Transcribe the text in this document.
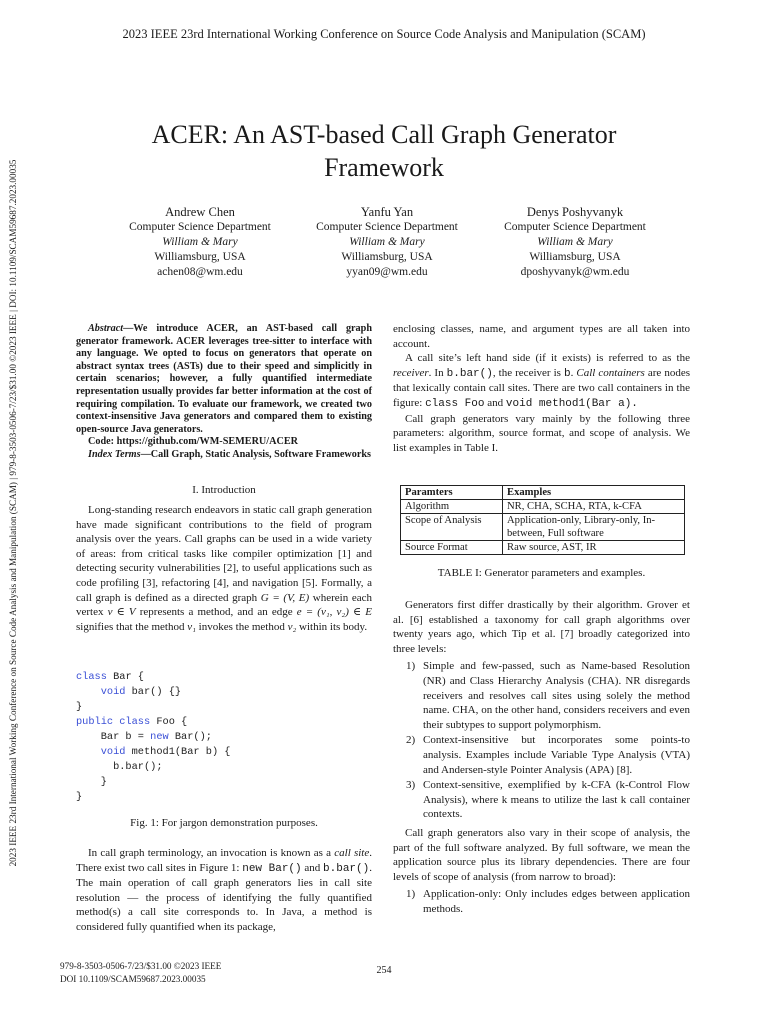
2023 IEEE 23rd International Working Conference on Source Code Analysis and Manipulation (SCAM)
2023 IEEE 23rd International Working Conference on Source Code Analysis and Manipulation (SCAM) | 979-8-3503-0506-7/23/$31.00 ©2023 IEEE | DOI: 10.1109/SCAM59687.2023.00035
ACER: An AST-based Call Graph Generator Framework
Andrew Chen
Computer Science Department
William & Mary
Williamsburg, USA
achen08@wm.edu
Yanfu Yan
Computer Science Department
William & Mary
Williamsburg, USA
yyan09@wm.edu
Denys Poshyvanyk
Computer Science Department
William & Mary
Williamsburg, USA
dposhyvanyk@wm.edu

Abstract—We introduce ACER, an AST-based call graph generator framework. ACER leverages tree-sitter to interface with any language. We opted to focus on generators that operate on abstract syntax trees (ASTs) due to their speed and simplicitly in certain scenarios; however, a fully quantified intermediate representation usually provides far better information at the cost of requiring compilation. To evaluate our framework, we created two context-insensitive Java generators and compared them to existing open-source Java generators.

Code: https://github.com/WM-SEMERU/ACER

Index Terms—Call Graph, Static Analysis, Software Frameworks

I. Introduction

Long-standing research endeavors in static call graph generation have made significant contributions to the field of program analysis over the years. Call graphs can be used in a wide variety of areas: from critical tasks like compiler optimization [1] and detecting security vulnerabilities [2], to useful applications such as code profiling [3], refactoring [4], and navigation [5]. Formally, a call graph is defined as a directed graph G = (V, E) wherein each vertex v ∈ V represents a method, and an edge e = (v₁, v₂) ∈ E signifies that the method v₁ invokes the method v₂ within its body.

class Bar {
void bar() {}
}
public class Foo {
Bar b = new Bar();
void method1(Bar b) {
b.bar();
}
}
Fig. 1: For jargon demonstration purposes.

In call graph terminology, an invocation is known as a call site. There exist two call sites in Figure 1: new Bar() and b.bar(). The main operation of call graph generators lies in call site resolution — the process of identifying the fully quantified method(s) a call site corresponds to. In Java, a method is considered fully quantified when its package,

enclosing classes, name, and argument types are all taken into account.

A call site’s left hand side (if it exists) is referred to as the receiver. In b.bar(), the receiver is b. Call containers are nodes that lexically contain call sites. There are two call containers in the figure: class Foo and void method1(Bar a).

Call graph generators vary mainly by the following three parameters: algorithm, source format, and scope of analysis. We list examples in Table I.

Paramters	Examples
Algorithm	NR, CHA, SCHA, RTA, k-CFA
Scope of Analysis	Application-only, Library-only, In-between, Full software
Source Format	Raw source, AST, IR
TABLE I: Generator parameters and examples.

Generators first differ drastically by their algorithm. Grover et al. [6] established a taxonomy for call graph algorithms over twenty years ago, which Tip et al. [7] broadly categorized into three levels:

1) Simple and few-passed, such as Name-based Resolution (NR) and Class Hierarchy Analysis (CHA). NR disregards receivers and resolves call sites using solely the method name. CHA, on the other hand, considers receivers and even their subtypes to support polymorphism.
2) Context-insensitive but incorporates some points-to analysis. Examples include Variable Type Analysis (VTA) and Andersen-style Pointer Analysis (APA) [8].
3) Context-sensitive, exemplified by k-CFA (k-Control Flow Analysis), where k means to utilize the last k call container contexts.

Call graph generators also vary in their scope of analysis, the part of the full software analyzed. By full software, we mean the application source plus its library dependencies. There are four levels of scope of analysis (from narrow to broad):

1) Application-only: Only includes edges between application methods.
979-8-3503-0506-7/23/$31.00 ©2023 IEEE
DOI 10.1109/SCAM59687.2023.00035
254
